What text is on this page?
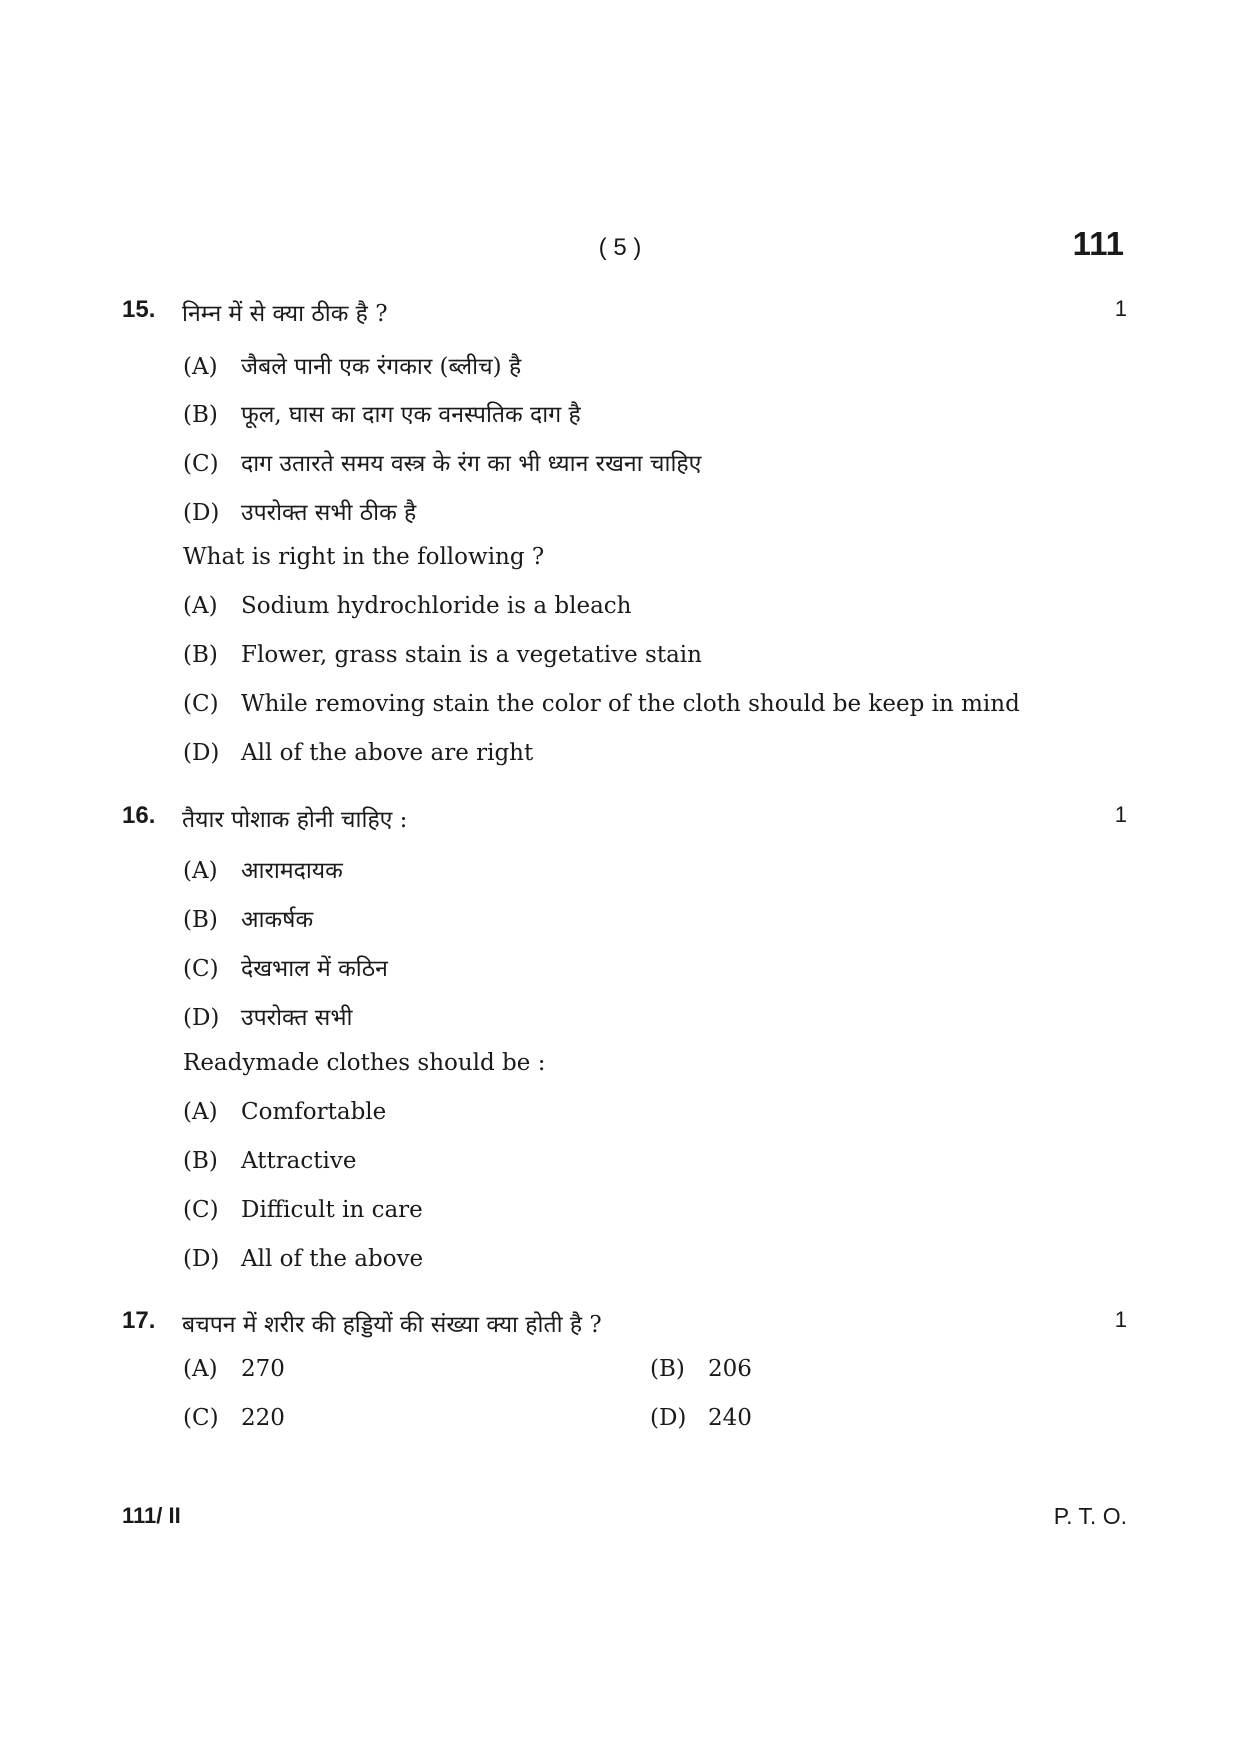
( 5 )	111
15. निम्न में से क्या ठीक है ?	1
(A) जैबले पानी एक रंगकार (ब्लीच) है
(B) फूल, घास का दाग एक वनस्पतिक दाग है
(C) दाग उतारते समय वस्त्र के रंग का भी ध्यान रखना चाहिए
(D) उपरोक्त सभी ठीक है
What is right in the following ?
(A) Sodium hydrochloride is a bleach
(B) Flower, grass stain is a vegetative stain
(C) While removing stain the color of the cloth should be keep in mind
(D) All of the above are right
16. तैयार पोशाक होनी चाहिए :	1
(A) आरामदायक
(B) आकर्षक
(C) देखभाल में कठिन
(D) उपरोक्त सभी
Readymade clothes should be :
(A) Comfortable
(B) Attractive
(C) Difficult in care
(D) All of the above
17. बचपन में शरीर की हड्डियों की संख्या क्या होती है ?	1
(A) 270	(B) 206
(C) 220	(D) 240
111/ II	P. T. O.
